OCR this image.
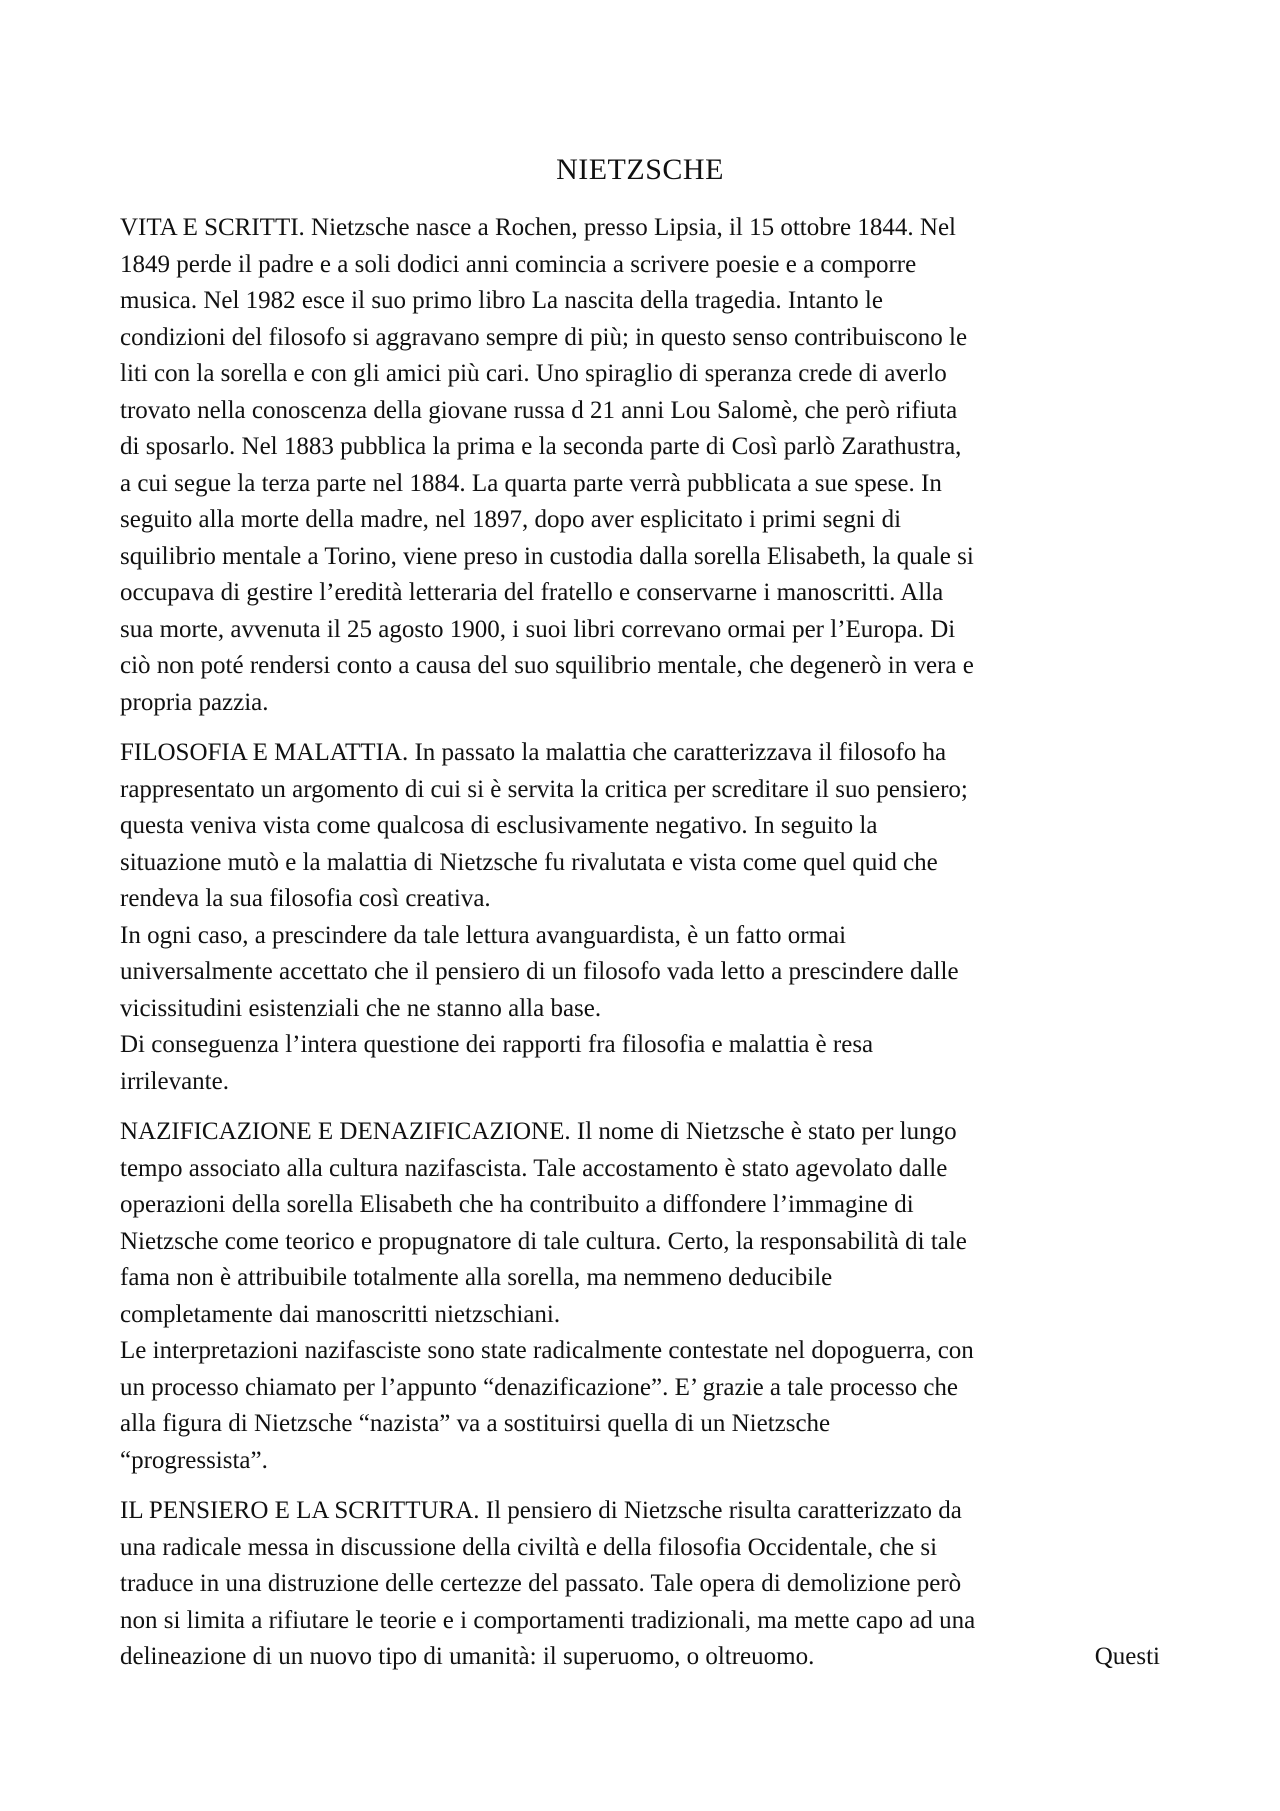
NIETZSCHE
VITA E SCRITTI. Nietzsche nasce a Rochen, presso Lipsia, il 15 ottobre 1844. Nel
1849 perde il padre e a soli dodici anni comincia a scrivere poesie e a comporre
musica. Nel 1982 esce il suo primo libro La nascita della tragedia. Intanto le
condizioni del filosofo si aggravano sempre di più; in questo senso contribuiscono le
liti con la sorella e con gli amici più cari. Uno spiraglio di speranza crede di averlo
trovato nella conoscenza della giovane russa d 21 anni Lou Salomè, che però rifiuta
di sposarlo. Nel 1883 pubblica la prima e la seconda parte di Così parlò Zarathustra,
a cui segue la terza parte nel 1884. La quarta parte verrà pubblicata a sue spese. In
seguito alla morte della madre, nel 1897, dopo aver esplicitato i primi segni di
squilibrio mentale a Torino, viene preso in custodia dalla sorella Elisabeth, la quale si
occupava di gestire l’eredità letteraria del fratello e conservarne i manoscritti. Alla
sua morte, avvenuta il 25 agosto 1900, i suoi libri correvano ormai per l’Europa. Di
ciò non poté rendersi conto a causa del suo squilibrio mentale, che degenerò in vera e
propria pazzia.
FILOSOFIA E MALATTIA. In passato la malattia che caratterizzava il filosofo ha
rappresentato un argomento di cui si è servita la critica per screditare il suo pensiero;
questa veniva vista come qualcosa di esclusivamente negativo. In seguito la
situazione mutò e la malattia di Nietzsche fu rivalutata e vista come quel quid che
rendeva la sua filosofia così creativa.
In ogni caso, a prescindere da tale lettura avanguardista, è un fatto ormai
universalmente accettato che il pensiero di un filosofo vada letto a prescindere dalle
vicissitudini esistenziali che ne stanno alla base.
Di conseguenza l’intera questione dei rapporti fra filosofia e malattia è resa
irrilevante.
NAZIFICAZIONE E DENAZIFICAZIONE. Il nome di Nietzsche è stato per lungo
tempo associato alla cultura nazifascista. Tale accostamento è stato agevolato dalle
operazioni della sorella Elisabeth che ha contribuito a diffondere l’immagine di
Nietzsche come teorico e propugnatore di tale cultura. Certo, la responsabilità di tale
fama non è attribuibile totalmente alla sorella, ma nemmeno deducibile
completamente dai manoscritti nietzschiani.
Le interpretazioni nazifasciste sono state radicalmente contestate nel dopoguerra, con
un processo chiamato per l’appunto “denazificazione”. E’ grazie a tale processo che
alla figura di Nietzsche “nazista” va a sostituirsi quella di un Nietzsche
“progressista”.
IL PENSIERO E LA SCRITTURA. Il pensiero di Nietzsche risulta caratterizzato da
una radicale messa in discussione della civiltà e della filosofia Occidentale, che si
traduce in una distruzione delle certezze del passato. Tale opera di demolizione però
non si limita a rifiutare le teorie e i comportamenti tradizionali, ma mette capo ad una
delineazione di un nuovo tipo di umanità: il superuomo, o oltreuomo.	Questi
